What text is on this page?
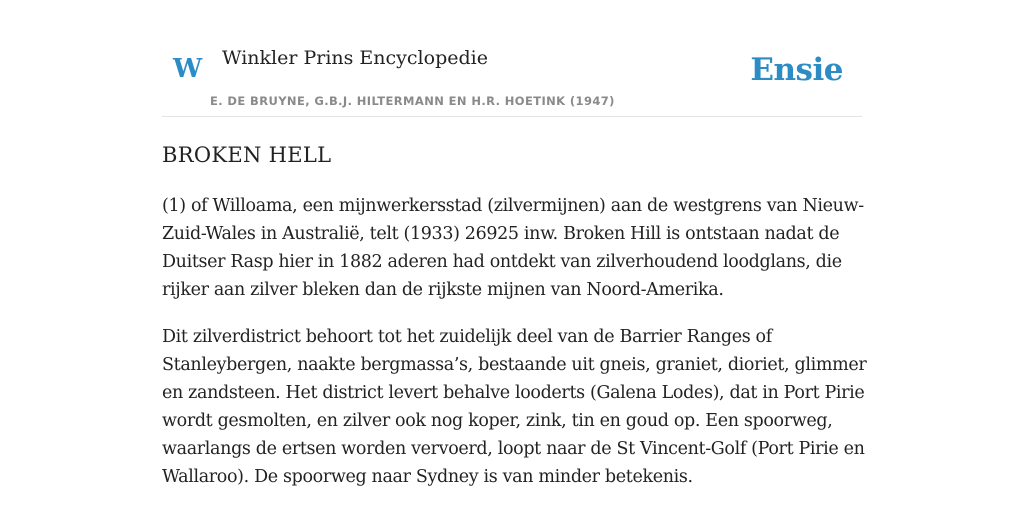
W Winkler Prins Encyclopedie
E. DE BRUYNE, G.B.J. HILTERMANN EN H.R. HOETINK (1947)
Ensie
BROKEN HELL

(1) of Willoama, een mijnwerkersstad (zilvermijnen) aan de westgrens van Nieuw-
Zuid-Wales in Australië, telt (1933) 26925 inw. Broken Hill is ontstaan nadat de
Duitser Rasp hier in 1882 aderen had ontdekt van zilverhoudend loodglans, die
rijker aan zilver bleken dan de rijkste mijnen van Noord-Amerika.

Dit zilverdistrict behoort tot het zuidelijk deel van de Barrier Ranges of
Stanleybergen, naakte bergmassa’s, bestaande uit gneis, graniet, dioriet, glimmer
en zandsteen. Het district levert behalve looderts (Galena Lodes), dat in Port Pirie
wordt gesmolten, en zilver ook nog koper, zink, tin en goud op. Een spoorweg,
waarlangs de ertsen worden vervoerd, loopt naar de St Vincent-Golf (Port Pirie en
Wallaroo). De spoorweg naar Sydney is van minder betekenis.
